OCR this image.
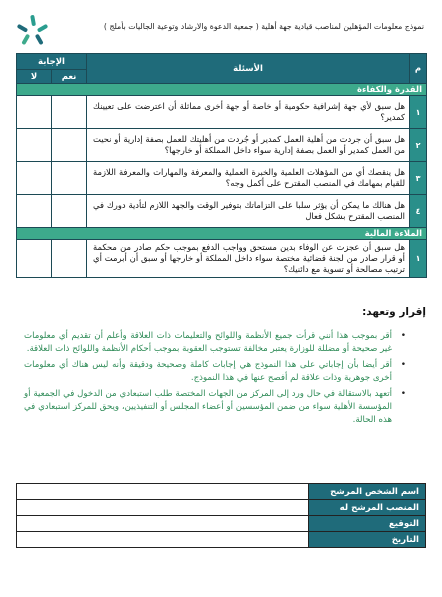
نموذج معلومات المؤهلين لمناصب قيادية جهة أهلية ( جمعية الدعوة والارشاد وتوعية الجاليات بأملج )
م	الأسئلة	الإجابة	
		نعم	لا
القدرة والكفاءة			
١	هل سبق لأي جهة إشرافية حكومية أو خاصة أو جهة أخرى مماثلة أن اعترضت على تعيينك كمدير؟		
٢	هل سبق أن جردت من أهلية العمل كمدير أو جُردت من أهليتك للعمل بصفة إدارية أو نحيت من العمل كمدير أو العمل بصفة إدارية سواء داخل المملكة أو خارجها؟		
٣	هل ينقصك أي من المؤهلات العلمية والخبرة العملية والمعرفة والمهارات والمعرفة اللازمة للقيام بمهامك في المنصب المقترح على أكمل وجه؟		
٤	هل هنالك ما يمكن أن يؤثر سلبا على التزاماتك بتوفير الوقت والجهد اللازم لتأدية دورك في المنصب المقترح بشكل فعال		
الملاءة المالية			
١	هل سبق أن عجزت عن الوفاء بدين مستحق وواجب الدفع بموجب حكم صادر من محكمة أو قرار صادر من لجنة قضائية مختصة سواء داخل المملكة أو خارجها أو سبق أن أبرمت أي ترتيب مصالحة أو تسوية مع دائنيك؟		
إقرار وتعهد:
•
أقر بموجب هذا أنني قرأت جميع الأنظمة واللوائح والتعليمات ذات العلاقة وأعلم أن تقديم أي معلومات غير صحيحة أو مضللة للوزارة يعتبر مخالفة تستوجب العقوبة بموجب أحكام الأنظمة واللوائح ذات العلاقة.
•
أقر أيضا بأن إجاباتي على هذا النموذج هي إجابات كاملة وصحيحة ودقيقة وأنه ليس هناك أي معلومات أخرى جوهرية وذات علاقة لم أفصح عنها في هذا النموذج.
•
أتعهد بالاستقالة في حال ورد إلى المركز من الجهات المختصة طلب استبعادي من الدخول في الجمعية أو المؤسسة الأهلية سواء من ضمن المؤسسين أو أعضاء المجلس أو التنفيذيين، ويحق للمركز استبعادي في هذه الحالة.
اسم الشخص المرشح	
المنصب المرشح له	
التوقيع	
التاريخ	
